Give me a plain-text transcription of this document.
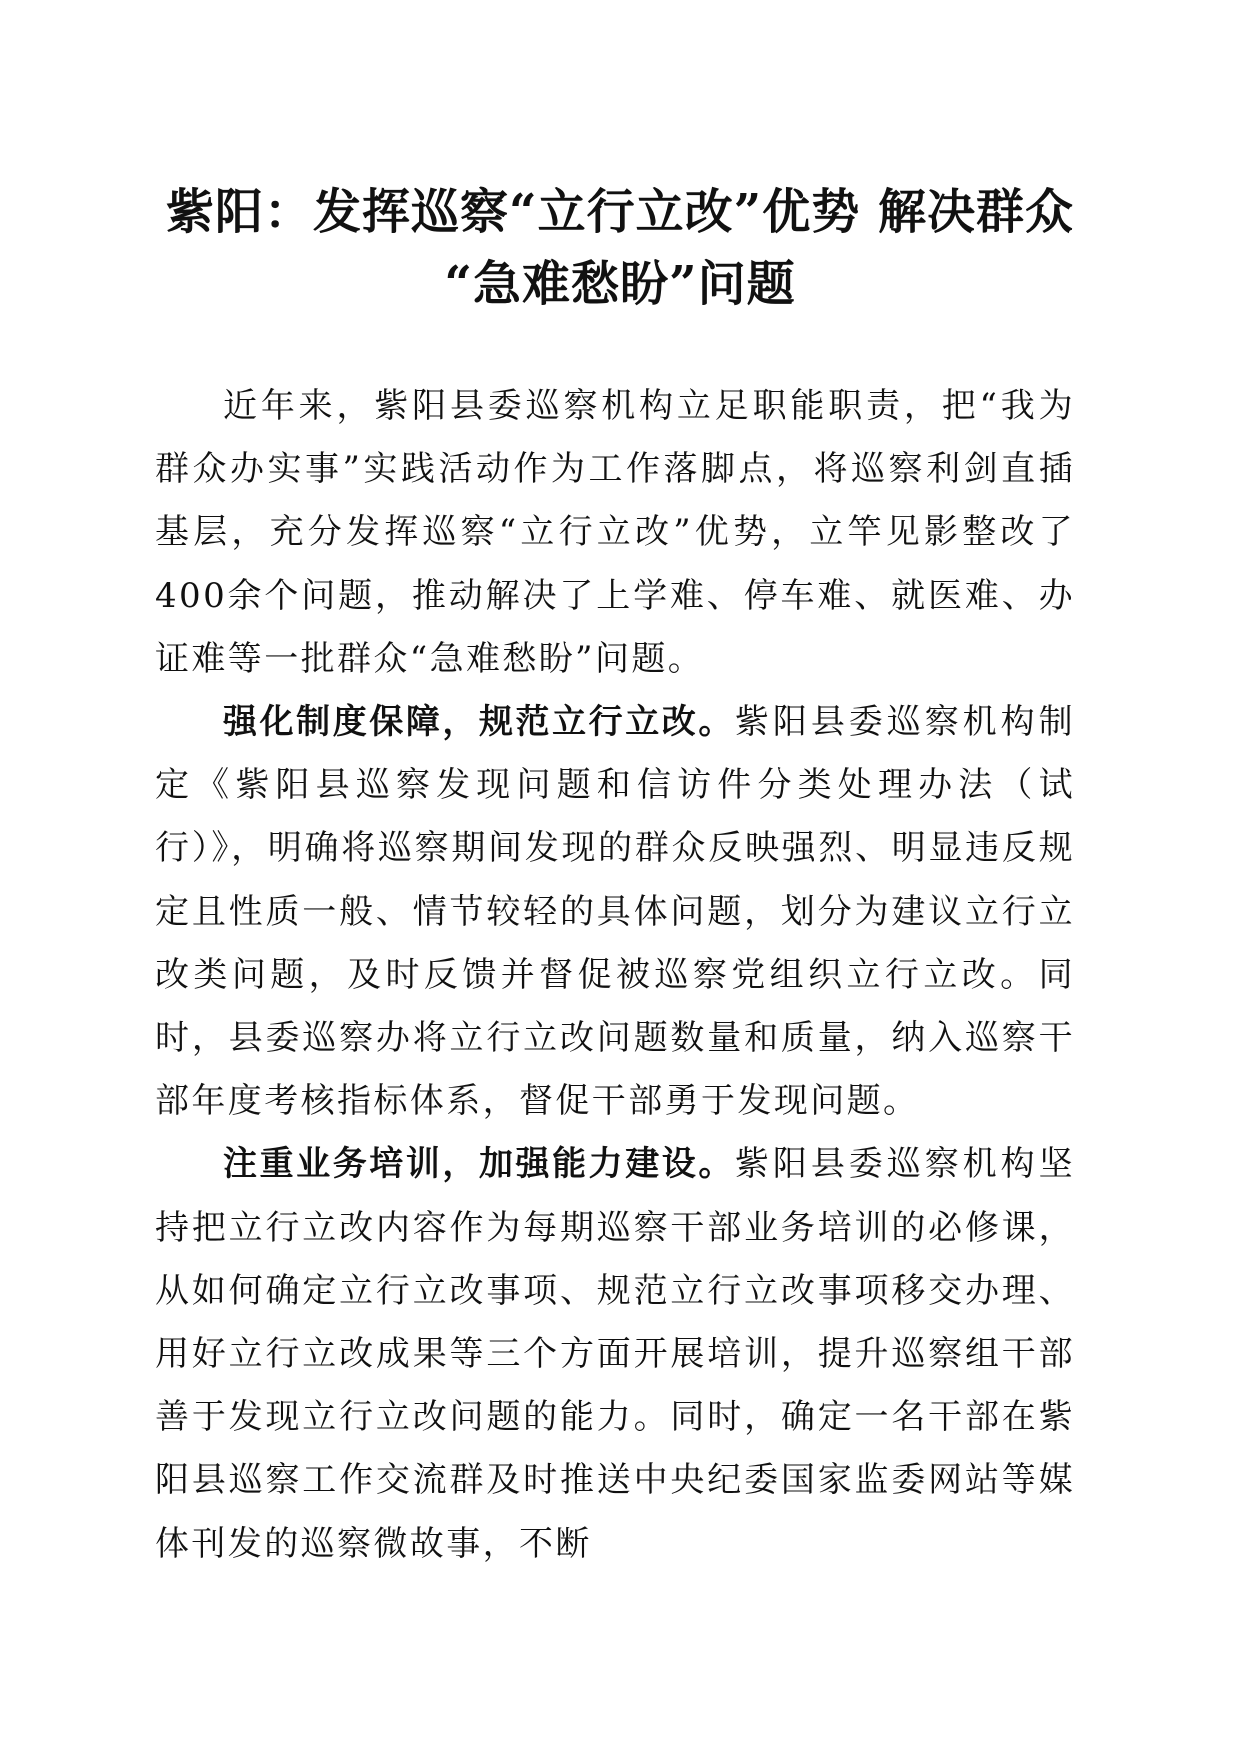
紫阳：发挥巡察“立行立改”优势 解决群众
“急难愁盼”问题

近年来，紫阳县委巡察机构立足职能职责，把“我为群众办实事”实践活动作为工作落脚点，将巡察利剑直插基层，充分发挥巡察“立行立改”优势，立竿见影整改了400余个问题，推动解决了上学难、停车难、就医难、办证难等一批群众“急难愁盼”问题。

强化制度保障，规范立行立改。紫阳县委巡察机构制定《紫阳县巡察发现问题和信访件分类处理办法（试行）》，明确将巡察期间发现的群众反映强烈、明显违反规定且性质一般、情节较轻的具体问题，划分为建议立行立改类问题，及时反馈并督促被巡察党组织立行立改。同时，县委巡察办将立行立改问题数量和质量，纳入巡察干部年度考核指标体系，督促干部勇于发现问题。

注重业务培训，加强能力建设。紫阳县委巡察机构坚持把立行立改内容作为每期巡察干部业务培训的必修课，从如何确定立行立改事项、规范立行立改事项移交办理、用好立行立改成果等三个方面开展培训，提升巡察组干部善于发现立行立改问题的能力。同时，确定一名干部在紫阳县巡察工作交流群及时推送中央纪委国家监委网站等媒体刊发的巡察微故事，不断
